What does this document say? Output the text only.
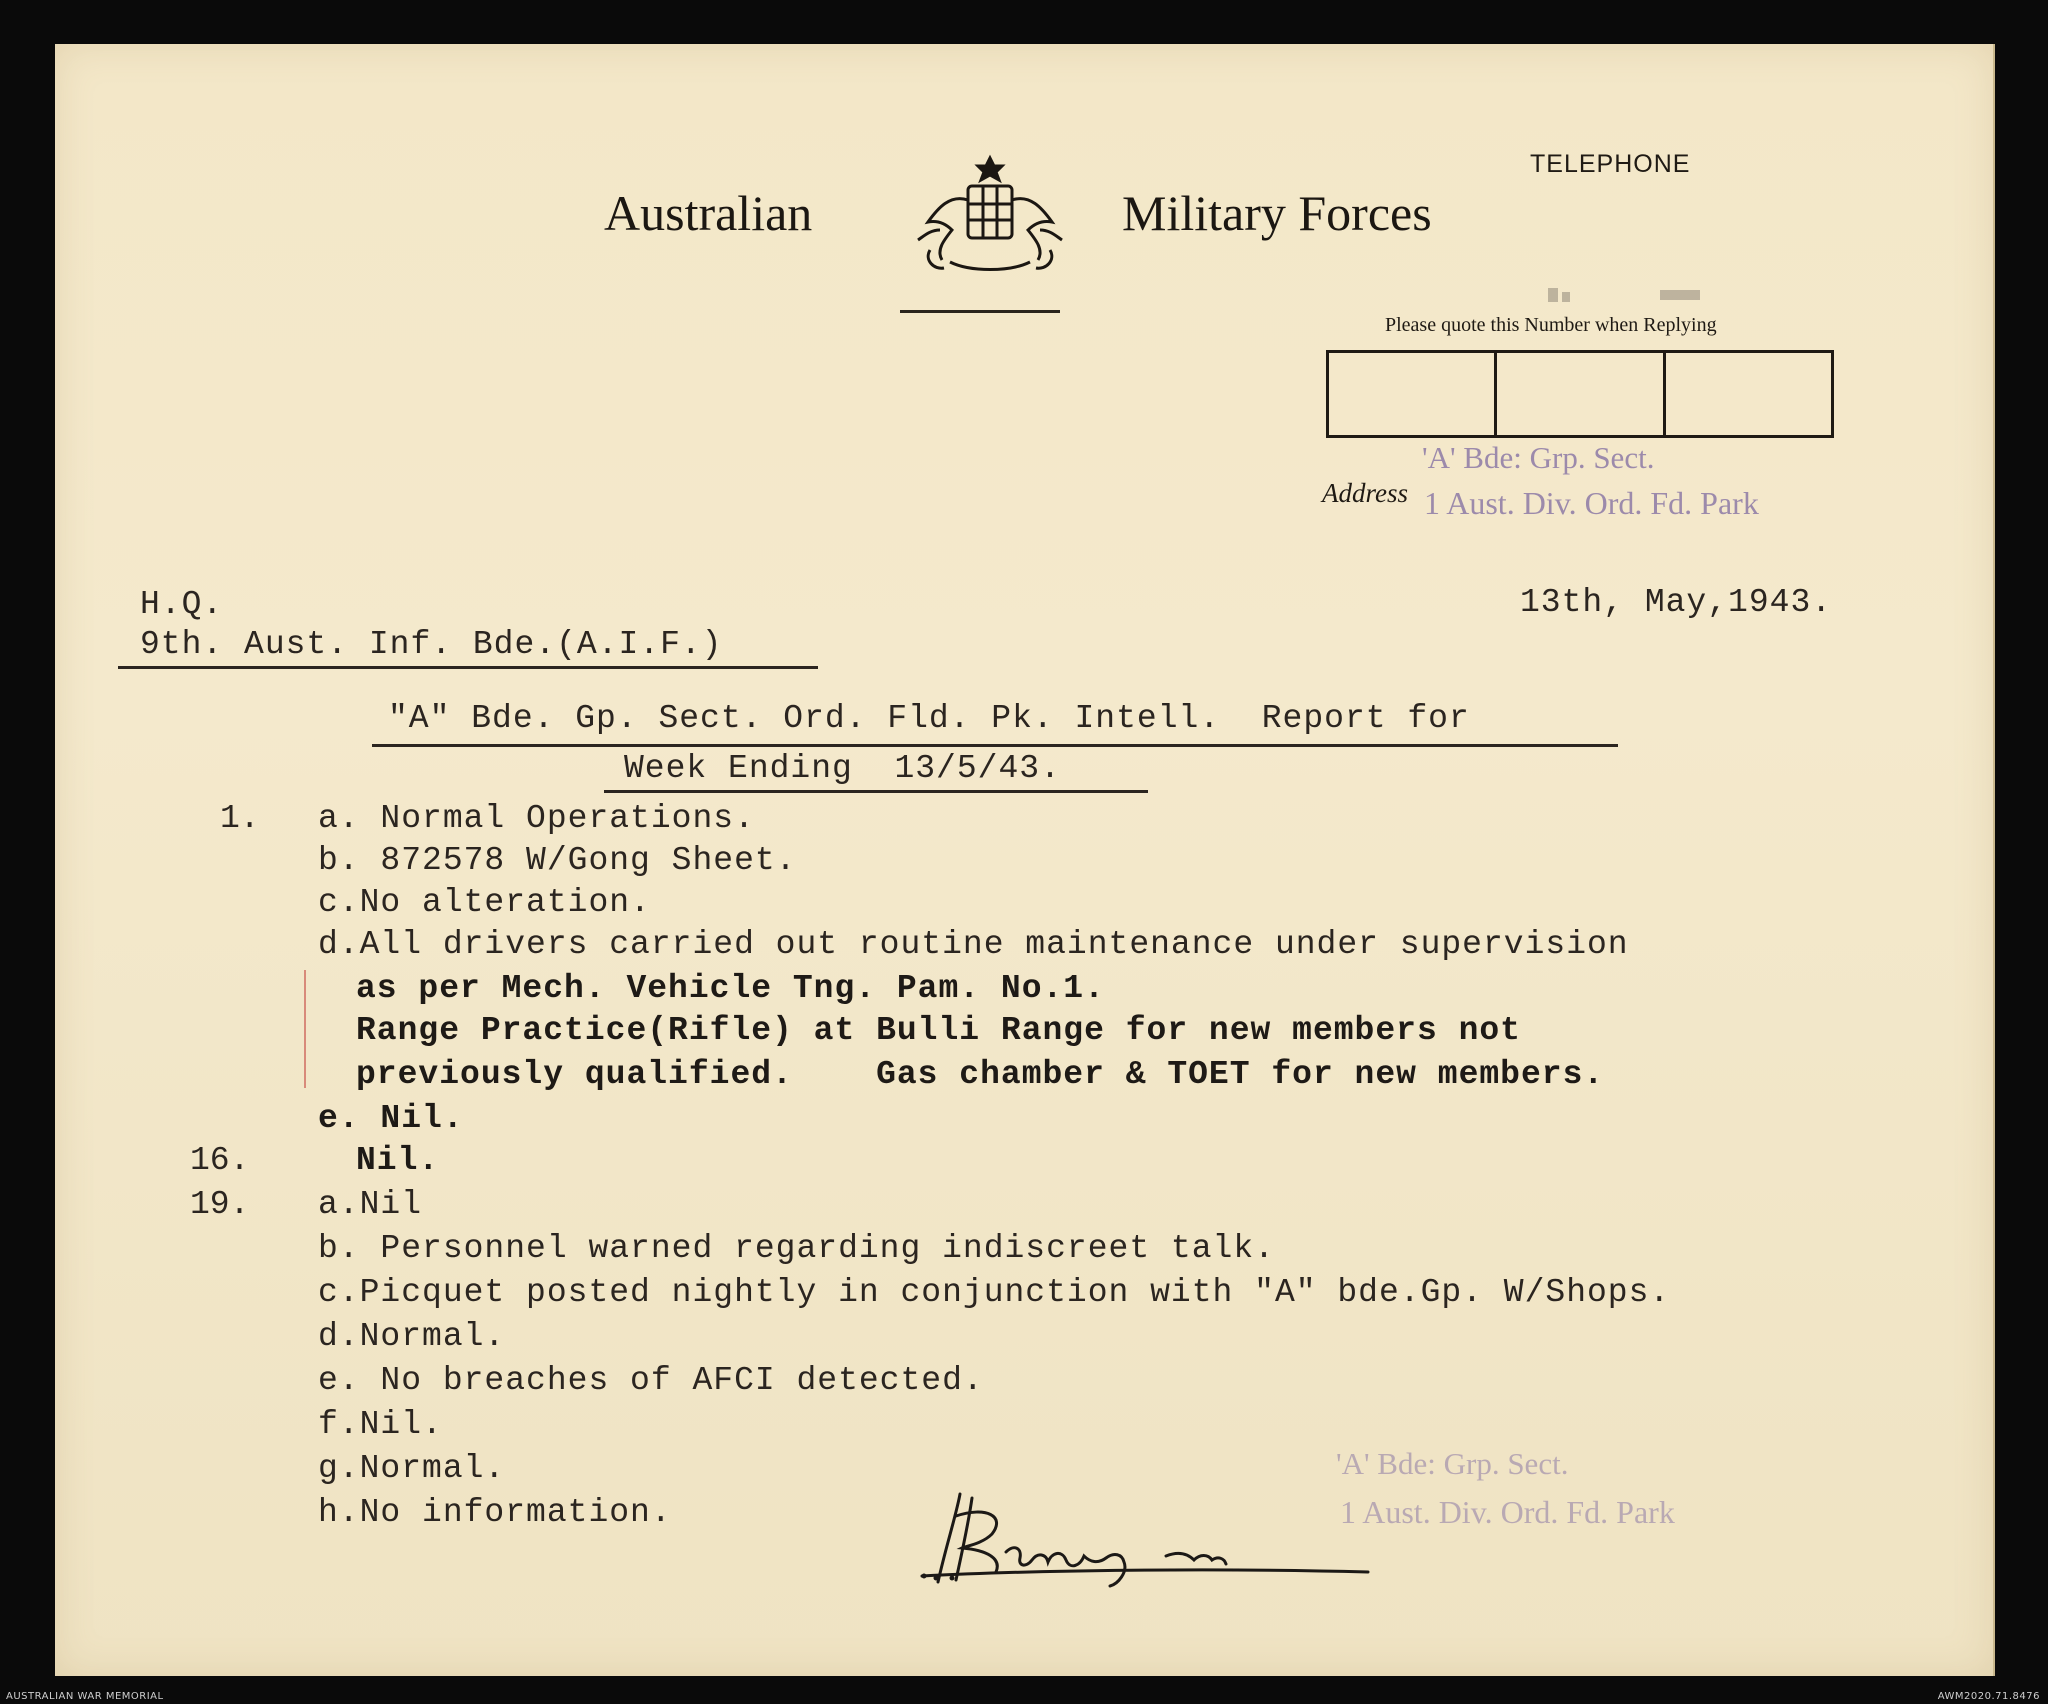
Australian	Military Forces
TELEPHONE
Please quote this Number when Replying
Address
'A' Bde: Grp. Sect.
1 Aust. Div. Ord. Fd. Park
H.Q.
9th. Aust. Inf. Bde.(A.I.F.)
13th, May,1943.
"A" Bde. Gp. Sect. Ord. Fld. Pk. Intell.  Report for
Week Ending  13/5/43.
1. a. Normal Operations.
b. 872578 W/Gong Sheet.
c.No alteration.
d.All drivers carried out routine maintenance under supervision
as per Mech. Vehicle Tng. Pam. No.1.
Range Practice(Rifle) at Bulli Range for new members not
previously qualified.    Gas chamber & TOET for new members.
e. Nil.
16.	Nil.
19. a.Nil
b. Personnel warned regarding indiscreet talk.
c.Picquet posted nightly in conjunction with "A" bde.Gp. W/Shops.
d.Normal.
e. No breaches of AFCI detected.
f.Nil.
g.Normal.
h.No information.
'A' Bde: Grp. Sect.
1 Aust. Div. Ord. Fd. Park
AUSTRALIAN WAR MEMORIAL	AWM2020.71.8476
